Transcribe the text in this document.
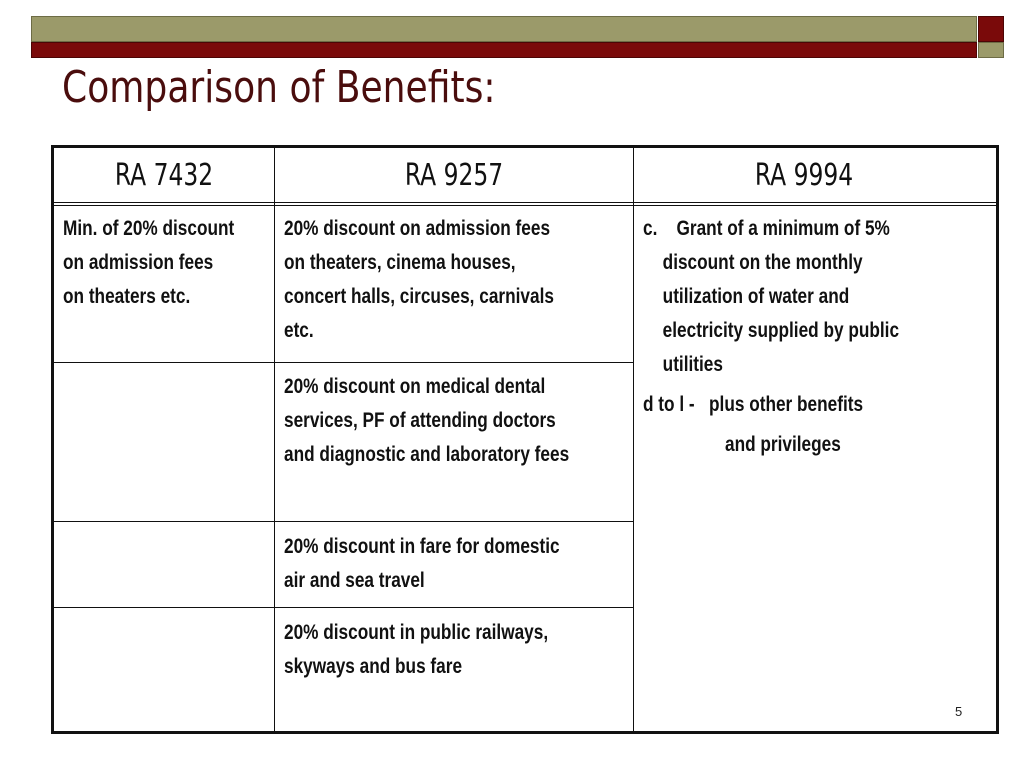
Comparison of Benefits:
RA 7432	RA 9257	RA 9994

Min. of 20% discount

on admission fees

on theaters etc.

20% discount on admission fees

on theaters, cinema houses,

concert halls, circuses, carnivals

etc.

20% discount on medical dental

services, PF of attending doctors

and diagnostic and laboratory fees

20% discount in fare for domestic

air and sea travel

20% discount in public railways,

skyways and bus fare

c. Grant of a minimum of 5%
discount on the monthly
utilization of water and
electricity supplied by public
utilities
d to l - plus other benefits
and privileges
5
